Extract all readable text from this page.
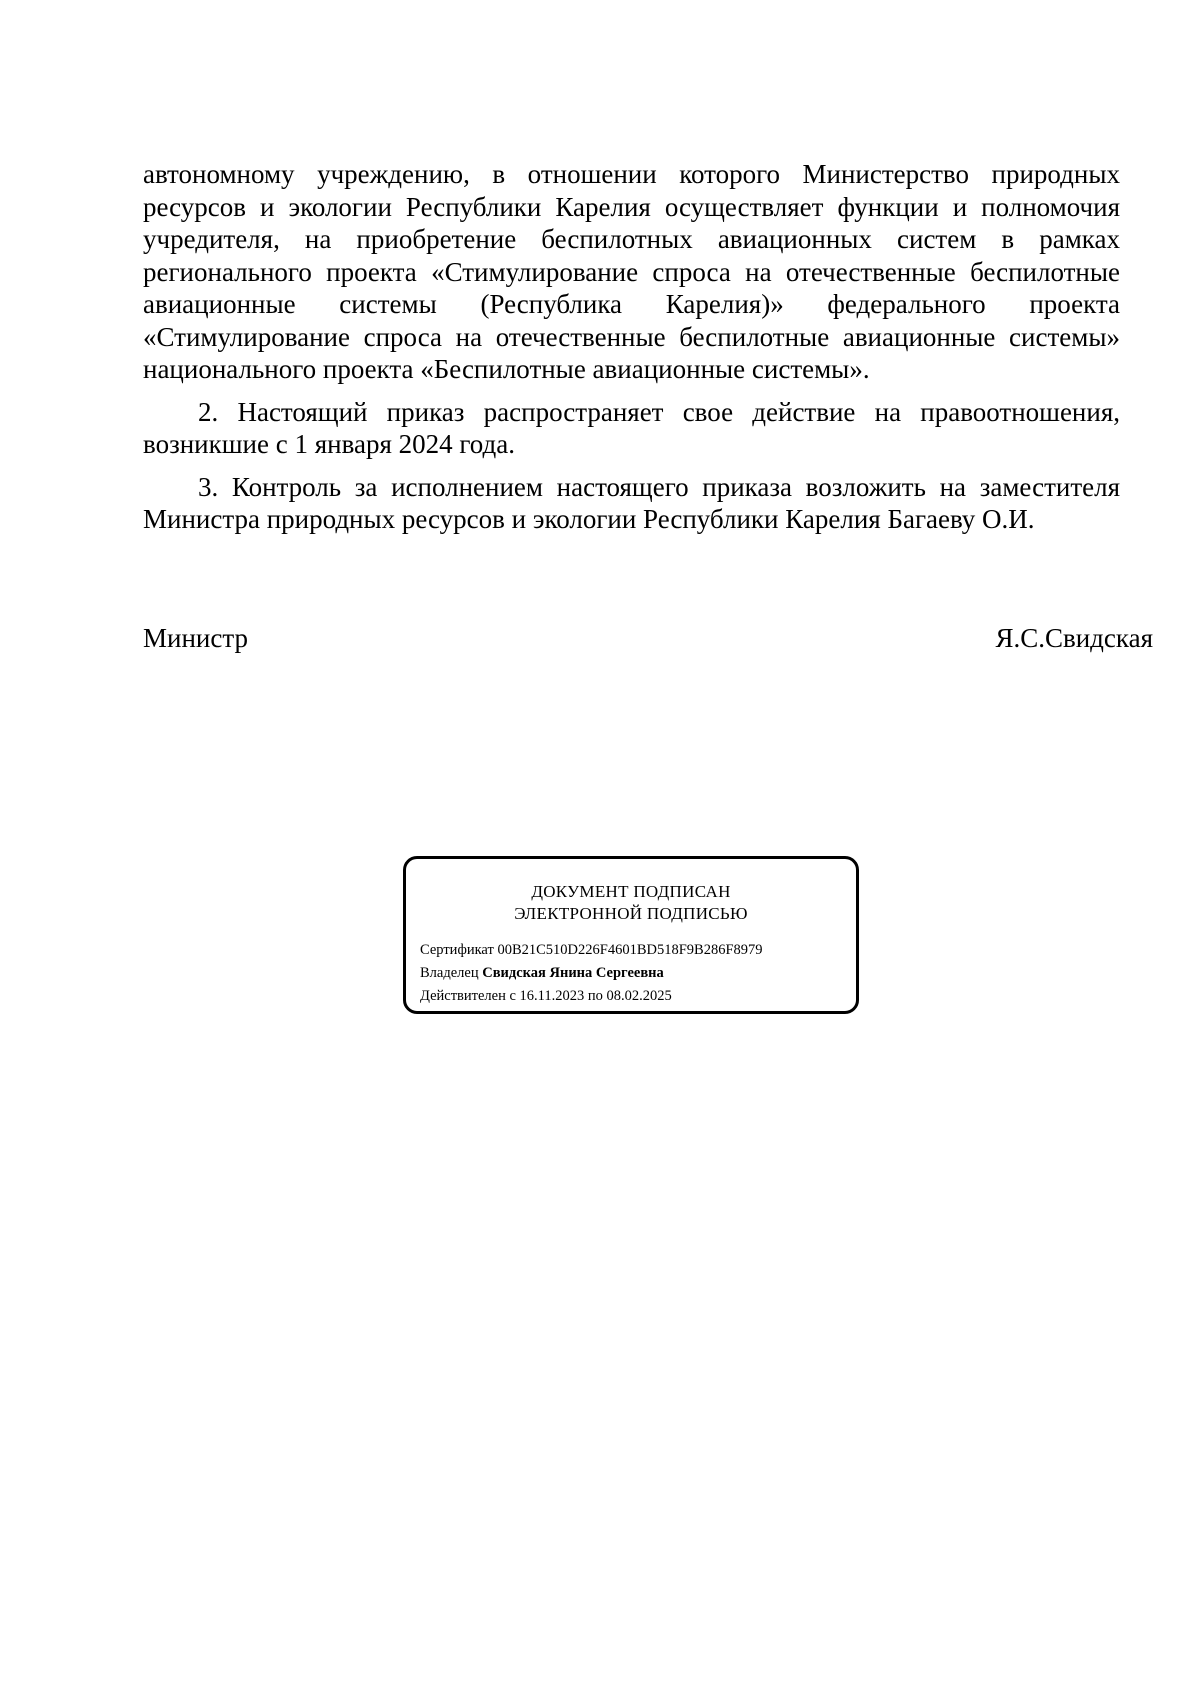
автономному учреждению, в отношении которого Министерство природных ресурсов и экологии Республики Карелия осуществляет функции и полномочия учредителя, на приобретение беспилотных авиационных систем в рамках регионального проекта «Стимулирование спроса на отечественные беспилотные авиационные системы (Республика Карелия)» федерального проекта «Стимулирование спроса на отечественные беспилотные авиационные системы» национального проекта «Беспилотные авиационные системы».

2. Настоящий приказ распространяет свое действие на правоотношения, возникшие с 1 января 2024 года.

3. Контроль за исполнением настоящего приказа возложить на заместителя Министра природных ресурсов и экологии Республики Карелия Багаеву О.И.

Министр	Я.С.Свидская
ДОКУМЕНТ ПОДПИСАН
ЭЛЕКТРОННОЙ ПОДПИСЬЮ
Сертификат 00B21C510D226F4601BD518F9B286F8979
Владелец Свидская Янина Сергеевна
Действителен с 16.11.2023 по 08.02.2025
